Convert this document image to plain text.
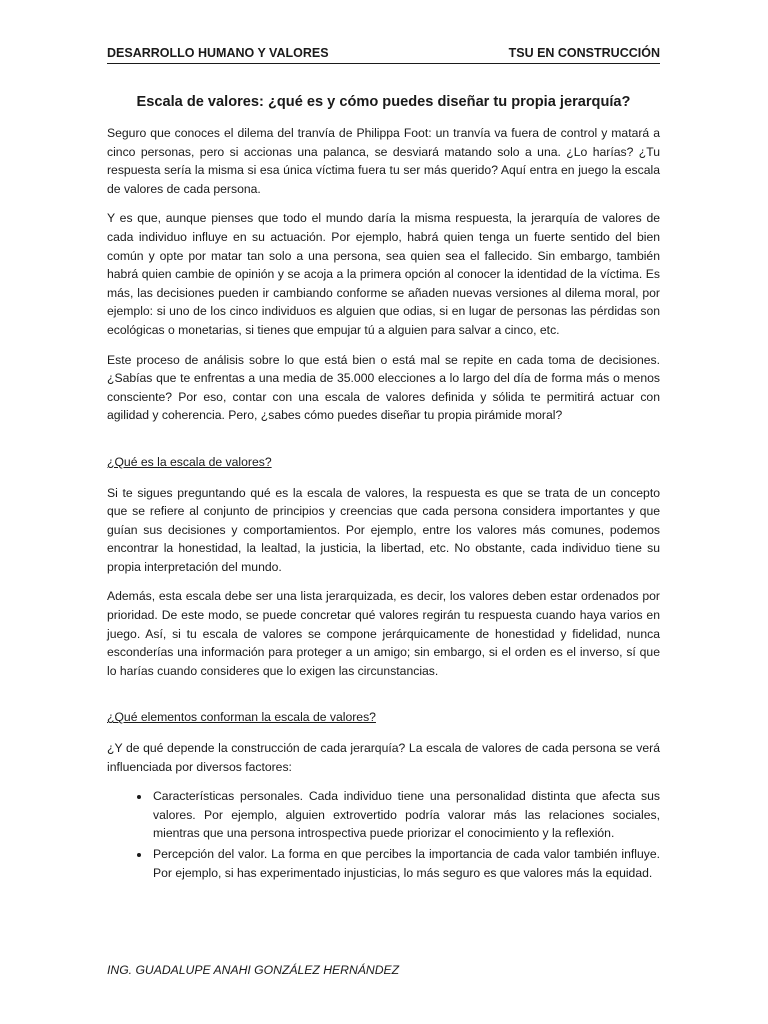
DESARROLLO HUMANO Y VALORES	TSU EN CONSTRUCCIÓN
Escala de valores: ¿qué es y cómo puedes diseñar tu propia jerarquía?

Seguro que conoces el dilema del tranvía de Philippa Foot: un tranvía va fuera de control y matará a cinco personas, pero si accionas una palanca, se desviará matando solo a una. ¿Lo harías? ¿Tu respuesta sería la misma si esa única víctima fuera tu ser más querido? Aquí entra en juego la escala de valores de cada persona.

Y es que, aunque pienses que todo el mundo daría la misma respuesta, la jerarquía de valores de cada individuo influye en su actuación. Por ejemplo, habrá quien tenga un fuerte sentido del bien común y opte por matar tan solo a una persona, sea quien sea el fallecido. Sin embargo, también habrá quien cambie de opinión y se acoja a la primera opción al conocer la identidad de la víctima. Es más, las decisiones pueden ir cambiando conforme se añaden nuevas versiones al dilema moral, por ejemplo: si uno de los cinco individuos es alguien que odias, si en lugar de personas las pérdidas son ecológicas o monetarias, si tienes que empujar tú a alguien para salvar a cinco, etc.

Este proceso de análisis sobre lo que está bien o está mal se repite en cada toma de decisiones. ¿Sabías que te enfrentas a una media de 35.000 elecciones a lo largo del día de forma más o menos consciente? Por eso, contar con una escala de valores definida y sólida te permitirá actuar con agilidad y coherencia. Pero, ¿sabes cómo puedes diseñar tu propia pirámide moral?

¿Qué es la escala de valores?

Si te sigues preguntando qué es la escala de valores, la respuesta es que se trata de un concepto que se refiere al conjunto de principios y creencias que cada persona considera importantes y que guían sus decisiones y comportamientos. Por ejemplo, entre los valores más comunes, podemos encontrar la honestidad, la lealtad, la justicia, la libertad, etc. No obstante, cada individuo tiene su propia interpretación del mundo.

Además, esta escala debe ser una lista jerarquizada, es decir, los valores deben estar ordenados por prioridad. De este modo, se puede concretar qué valores regirán tu respuesta cuando haya varios en juego. Así, si tu escala de valores se compone jerárquicamente de honestidad y fidelidad, nunca esconderías una información para proteger a un amigo; sin embargo, si el orden es el inverso, sí que lo harías cuando consideres que lo exigen las circunstancias.

¿Qué elementos conforman la escala de valores?

¿Y de qué depende la construcción de cada jerarquía? La escala de valores de cada persona se verá influenciada por diversos factores:

• Características personales. Cada individuo tiene una personalidad distinta que afecta sus valores. Por ejemplo, alguien extrovertido podría valorar más las relaciones sociales, mientras que una persona introspectiva puede priorizar el conocimiento y la reflexión.
• Percepción del valor. La forma en que percibes la importancia de cada valor también influye. Por ejemplo, si has experimentado injusticias, lo más seguro es que valores más la equidad.
ING. GUADALUPE ANAHI GONZÁLEZ HERNÁNDEZ
